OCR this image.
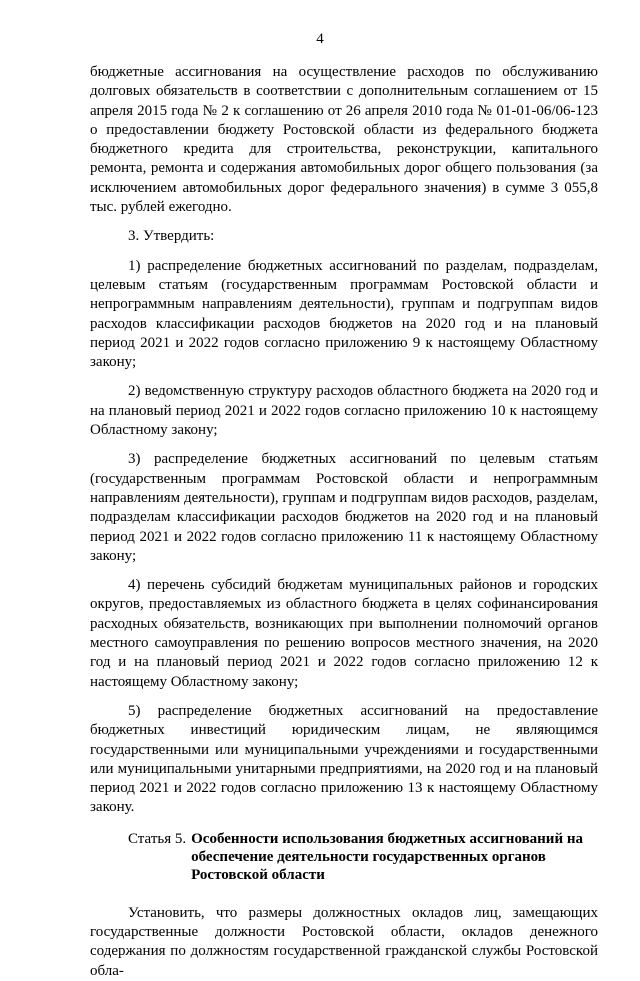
4

бюджетные ассигнования на осуществление расходов по обслуживанию долговых обязательств в соответствии с дополнительным соглашением от 15 апреля 2015 года № 2 к соглашению от 26 апреля 2010 года № 01-01-06/06-123 о предоставлении бюджету Ростовской области из федерального бюджета бюджетного кредита для строительства, реконструкции, капитального ремонта, ремонта и содержания автомобильных дорог общего пользования (за исключением автомобильных дорог федерального значения) в сумме 3 055,8 тыс. рублей ежегодно.

3. Утвердить:

1) распределение бюджетных ассигнований по разделам, подразделам, целевым статьям (государственным программам Ростовской области и непрограммным направлениям деятельности), группам и подгруппам видов расходов классификации расходов бюджетов на 2020 год и на плановый период 2021 и 2022 годов согласно приложению 9 к настоящему Областному закону;

2) ведомственную структуру расходов областного бюджета на 2020 год и на плановый период 2021 и 2022 годов согласно приложению 10 к настоящему Областному закону;

3) распределение бюджетных ассигнований по целевым статьям (государственным программам Ростовской области и непрограммным направлениям деятельности), группам и подгруппам видов расходов, разделам, подразделам классификации расходов бюджетов на 2020 год и на плановый период 2021 и 2022 годов согласно приложению 11 к настоящему Областному закону;

4) перечень субсидий бюджетам муниципальных районов и городских округов, предоставляемых из областного бюджета в целях софинансирования расходных обязательств, возникающих при выполнении полномочий органов местного самоуправления по решению вопросов местного значения, на 2020 год и на плановый период 2021 и 2022 годов согласно приложению 12 к настоящему Областному закону;

5) распределение бюджетных ассигнований на предоставление бюджетных инвестиций юридическим лицам, не являющимся государственными или муниципальными учреждениями и государственными или муниципальными унитарными предприятиями, на 2020 год и на плановый период 2021 и 2022 годов согласно приложению 13 к настоящему Областному закону.

Статья 5. Особенности использования бюджетных ассигнований на обеспечение деятельности государственных органов Ростовской области

Установить, что размеры должностных окладов лиц, замещающих государственные должности Ростовской области, окладов денежного содержания по должностям государственной гражданской службы Ростовской обла-
